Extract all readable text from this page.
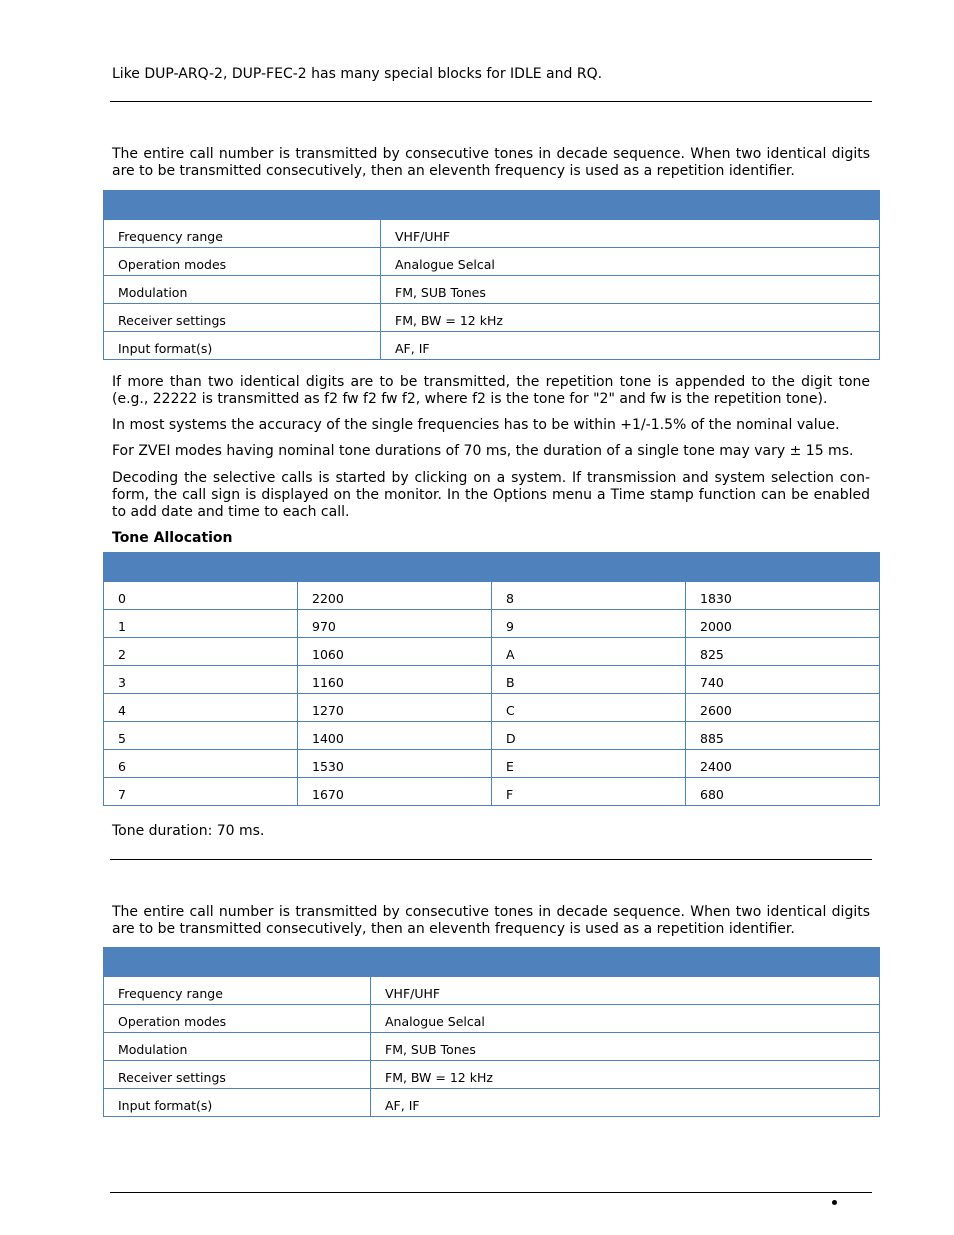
Like DUP-ARQ-2, DUP-FEC-2 has many special blocks for IDLE and RQ.
The entire call number is transmitted by consecutive tones in decade sequence. When two identical digits are to be transmitted consecutively, then an eleventh frequency is used as a repetition identifier.

Frequency range	VHF/UHF
Operation modes	Analogue Selcal
Modulation	FM, SUB Tones
Receiver settings	FM, BW = 12 kHz
Input format(s)	AF, IF
If more than two identical digits are to be transmitted, the repetition tone is appended to the digit tone (e.g., 22222 is transmitted as f2 fw f2 fw f2, where f2 is the tone for "2" and fw is the repetition tone).
In most systems the accuracy of the single frequencies has to be within +1/-1.5% of the nominal value.
For ZVEI modes having nominal tone durations of 70 ms, the duration of a single tone may vary ± 15 ms.
Decoding the selective calls is started by clicking on a system. If transmission and system selection con-form, the call sign is displayed on the monitor. In the Options menu a Time stamp function can be enabled to add date and time to each call.
Tone Allocation

0	2200	8	1830
1	970	9	2000
2	1060	A	825
3	1160	B	740
4	1270	C	2600
5	1400	D	885
6	1530	E	2400
7	1670	F	680
Tone duration: 70 ms.
The entire call number is transmitted by consecutive tones in decade sequence. When two identical digits are to be transmitted consecutively, then an eleventh frequency is used as a repetition identifier.

Frequency range	VHF/UHF
Operation modes	Analogue Selcal
Modulation	FM, SUB Tones
Receiver settings	FM, BW = 12 kHz
Input format(s)	AF, IF
